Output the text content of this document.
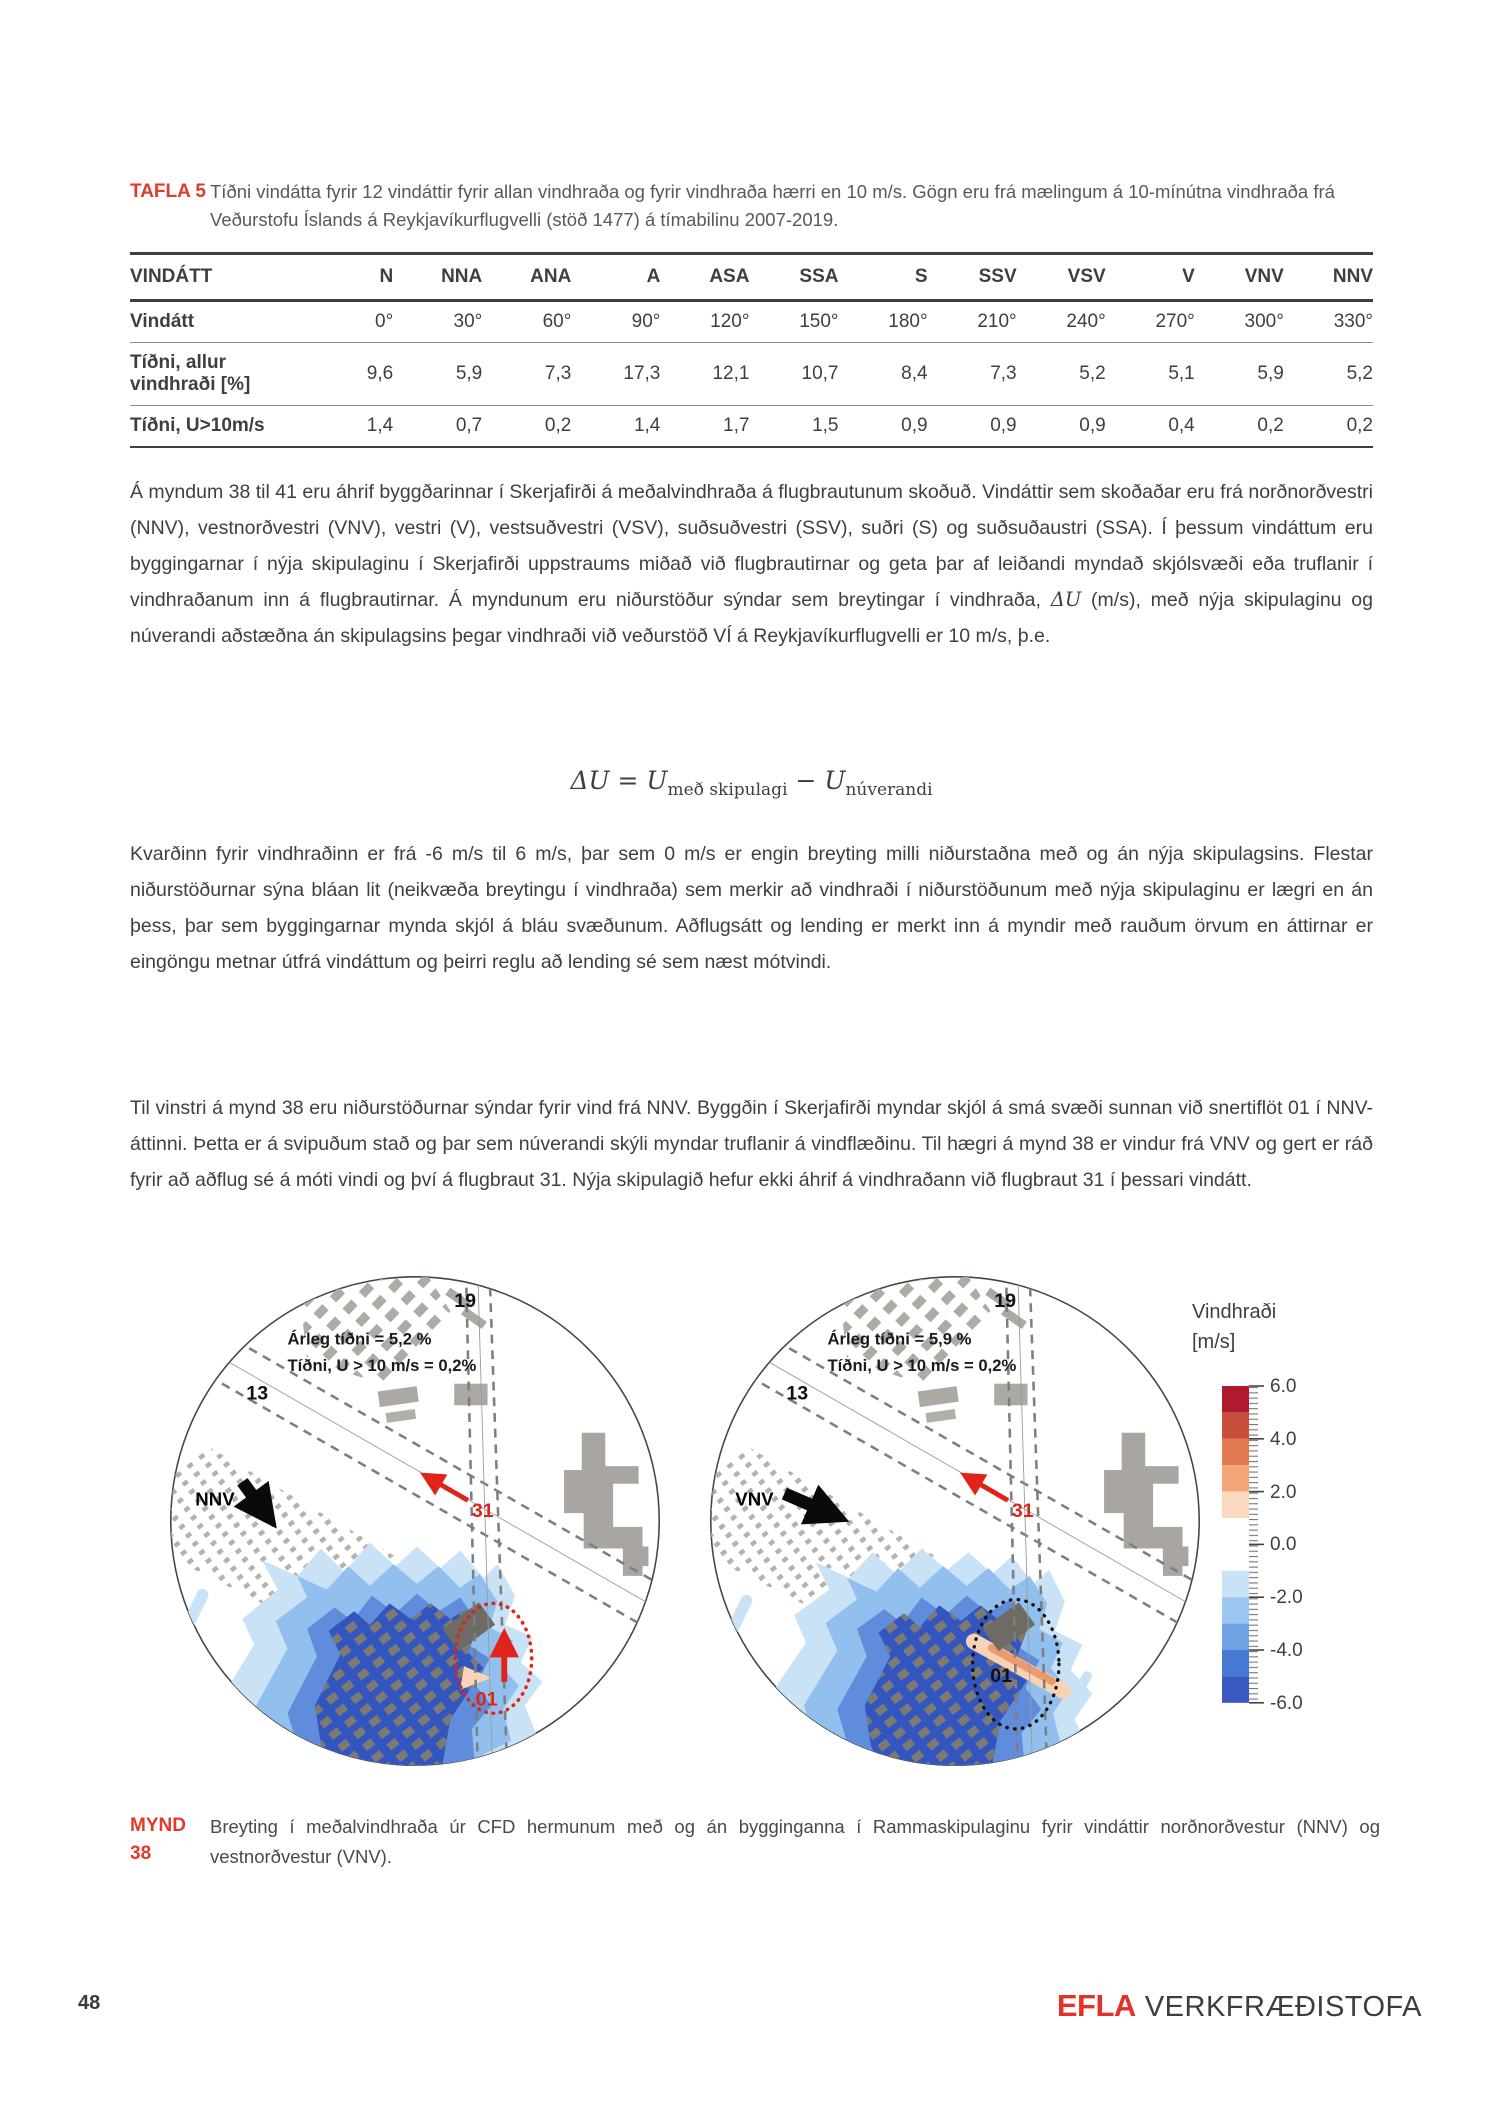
TAFLA 5 Tíðni vindátta fyrir 12 vindáttir fyrir allan vindhraða og fyrir vindhraða hærri en 10 m/s. Gögn eru frá mælingum á 10-mínútna vindhraða frá Veðurstofu Íslands á Reykjavíkurflugvelli (stöð 1477) á tímabilinu 2007-2019.
VINDÁTT	N	NNA	ANA	A	ASA	SSA	S	SSV	VSV	V	VNV	NNV
Vindátt	0°	30°	60°	90°	120°	150°	180°	210°	240°	270°	300°	330°
Tíðni, allur vindhraði [%]	9,6	5,9	7,3	17,3	12,1	10,7	8,4	7,3	5,2	5,1	5,9	5,2
Tíðni, U>10m/s	1,4	0,7	0,2	1,4	1,7	1,5	0,9	0,9	0,9	0,4	0,2	0,2

Á myndum 38 til 41 eru áhrif byggðarinnar í Skerjafirði á meðalvindhraða á flugbrautunum skoðuð. Vindáttir sem skoðaðar eru frá norðnorðvestri (NNV), vestnorðvestri (VNV), vestri (V), vestsuðvestri (VSV), suðsuðvestri (SSV), suðri (S) og suðsuðaustri (SSA). Í þessum vindáttum eru byggingarnar í nýja skipulaginu í Skerjafirði uppstraums miðað við flugbrautirnar og geta þar af leiðandi myndað skjólsvæði eða truflanir í vindhraðanum inn á flugbrautirnar. Á myndunum eru niðurstöður sýndar sem breytingar í vindhraða, ΔU (m/s), með nýja skipulaginu og núverandi aðstæðna án skipulagsins þegar vindhraði við veðurstöð VÍ á Reykjavíkurflugvelli er 10 m/s, þ.e.

$\Delta U = U_{með skipulagi} - U_{núverandi}$

Kvarðinn fyrir vindhraðinn er frá -6 m/s til 6 m/s, þar sem 0 m/s er engin breyting milli niðurstaðna með og án nýja skipulagsins. Flestar niðurstöðurnar sýna bláan lit (neikvæða breytingu í vindhraða) sem merkir að vindhraði í niðurstöðunum með nýja skipulaginu er lægri en án þess, þar sem byggingarnar mynda skjól á bláu svæðunum. Aðflugsátt og lending er merkt inn á myndir með rauðum örvum en áttirnar er eingöngu metnar útfrá vindáttum og þeirri reglu að lending sé sem næst mótvindi.

Til vinstri á mynd 38 eru niðurstöðurnar sýndar fyrir vind frá NNV. Byggðin í Skerjafirði myndar skjól á smá svæði sunnan við snertiflöt 01 í NNV-áttinni. Þetta er á svipuðum stað og þar sem núverandi skýli myndar truflanir á vindflæðinu. Til hægri á mynd 38 er vindur frá VNV og gert er ráð fyrir að aðflug sé á móti vindi og því á flugbraut 31. Nýja skipulagið hefur ekki áhrif á vindhraðann við flugbraut 31 í þessari vindátt.

Árleg tíðni = 5,2 %
Tíðni, U > 10 m/s = 0,2%
19
13
31
NNV
01
Árleg tíðni = 5,9 %
Tíðni, U > 10 m/s = 0,2%
19
13
31
VNV
01
Vindhraði
[m/s]
6.0
4.0
2.0
0.0
-2.0
-4.0
-6.0
MYND 38
Breyting í meðalvindhraða úr CFD hermunum með og án bygginganna í Rammaskipulaginu fyrir vindáttir norðnorðvestur (NNV) og vestnorðvestur (VNV).
48	EFLA VERKFRÆÐISTOFA
